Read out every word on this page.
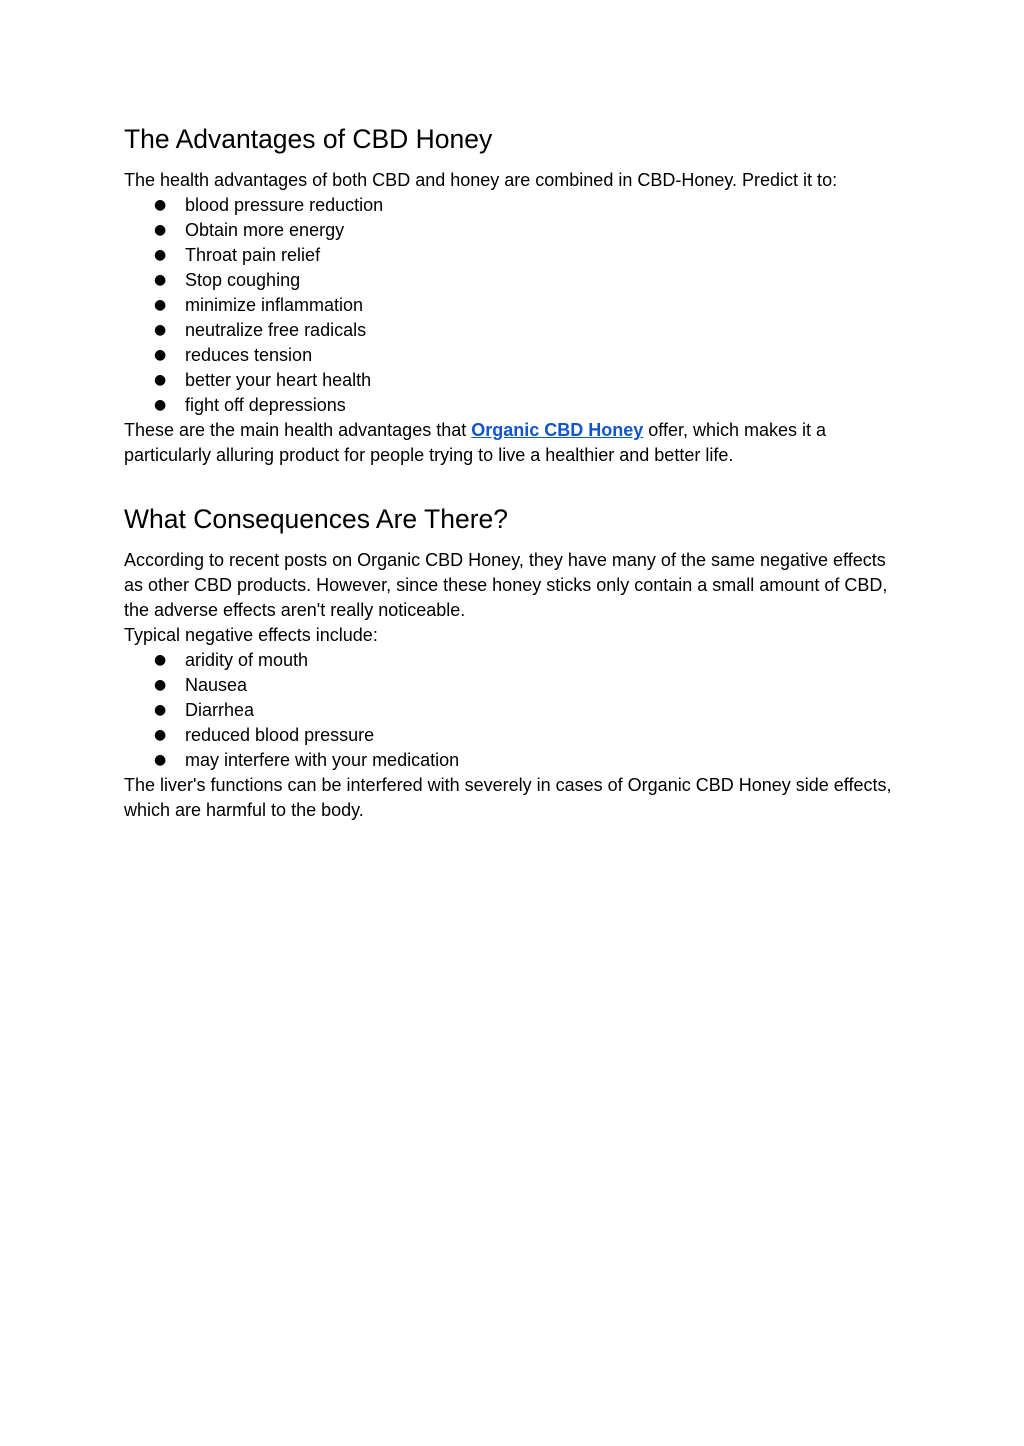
The Advantages of CBD Honey

The health advantages of both CBD and honey are combined in CBD-Honey. Predict it to:

● blood pressure reduction
● Obtain more energy
● Throat pain relief
● Stop coughing
● minimize inflammation
● neutralize free radicals
● reduces tension
● better your heart health
● fight off depressions

These are the main health advantages that Organic CBD Honey offer, which makes it a particularly alluring product for people trying to live a healthier and better life.

What Consequences Are There?

According to recent posts on Organic CBD Honey, they have many of the same negative effects as other CBD products. However, since these honey sticks only contain a small amount of CBD, the adverse effects aren't really noticeable.

Typical negative effects include:

● aridity of mouth
● Nausea
● Diarrhea
● reduced blood pressure
● may interfere with your medication

The liver's functions can be interfered with severely in cases of Organic CBD Honey side effects, which are harmful to the body.
